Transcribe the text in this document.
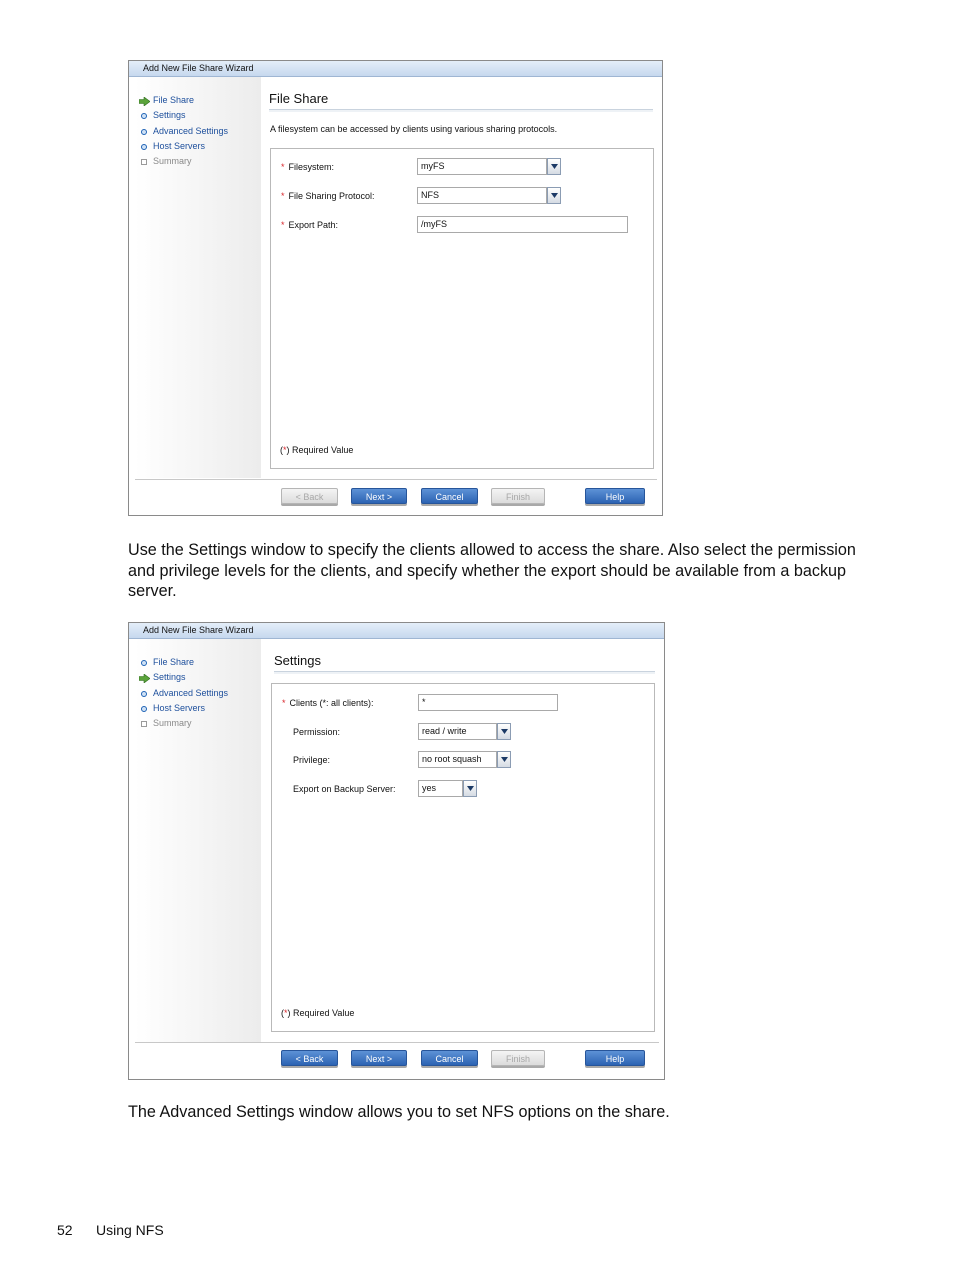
Add New File Share Wizard
File Share
Settings
Advanced Settings
Host Servers
Summary
File Share
A filesystem can be accessed by clients using various sharing protocols.
* Filesystem:	myFS
* File Sharing Protocol:	NFS
* Export Path:	/myFS
(*) Required Value
< Back	Next >	Cancel	Finish	Help
Use the Settings window to specify the clients allowed to access the share. Also select the permission and privilege levels for the clients, and specify whether the export should be available from a backup server.
Add New File Share Wizard
File Share
Settings
Advanced Settings
Host Servers
Summary
Settings
* Clients (*: all clients):	*
Permission:	read / write
Privilege:	no root squash
Export on Backup Server:	yes
(*) Required Value
< Back	Next >	Cancel	Finish	Help
The Advanced Settings window allows you to set NFS options on the share.
52 Using NFS
